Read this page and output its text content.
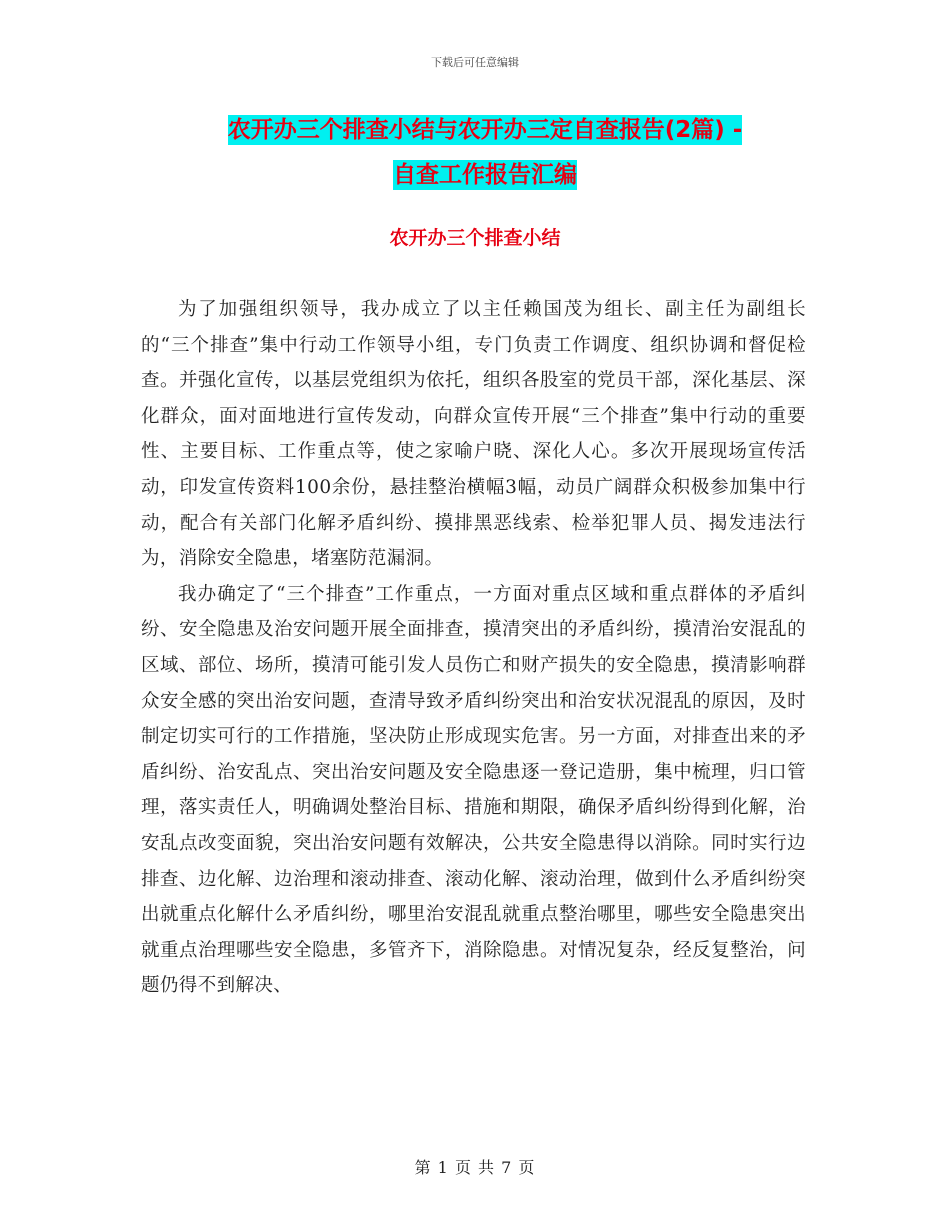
下载后可任意编辑
农开办三个排查小结与农开办三定自查报告(2篇) -
自查工作报告汇编
农开办三个排查小结

为了加强组织领导，我办成立了以主任赖国茂为组长、副主任为副组长的“三个排查”集中行动工作领导小组，专门负责工作调度、组织协调和督促检查。并强化宣传，以基层党组织为依托，组织各股室的党员干部，深化基层、深化群众，面对面地进行宣传发动，向群众宣传开展“三个排查”集中行动的重要性、主要目标、工作重点等，使之家喻户晓、深化人心。多次开展现场宣传活动，印发宣传资料100余份，悬挂整治横幅3幅，动员广阔群众积极参加集中行动，配合有关部门化解矛盾纠纷、摸排黑恶线索、检举犯罪人员、揭发违法行为，消除安全隐患，堵塞防范漏洞。

我办确定了“三个排查”工作重点，一方面对重点区域和重点群体的矛盾纠纷、安全隐患及治安问题开展全面排查，摸清突出的矛盾纠纷，摸清治安混乱的区域、部位、场所，摸清可能引发人员伤亡和财产损失的安全隐患，摸清影响群众安全感的突出治安问题，查清导致矛盾纠纷突出和治安状况混乱的原因，及时制定切实可行的工作措施，坚决防止形成现实危害。另一方面，对排查出来的矛盾纠纷、治安乱点、突出治安问题及安全隐患逐一登记造册，集中梳理，归口管理，落实责任人，明确调处整治目标、措施和期限，确保矛盾纠纷得到化解，治安乱点改变面貌，突出治安问题有效解决，公共安全隐患得以消除。同时实行边排查、边化解、边治理和滚动排查、滚动化解、滚动治理，做到什么矛盾纠纷突出就重点化解什么矛盾纠纷，哪里治安混乱就重点整治哪里，哪些安全隐患突出就重点治理哪些安全隐患，多管齐下，消除隐患。对情况复杂，经反复整治，问题仍得不到解决、

第 1 页 共 7 页
